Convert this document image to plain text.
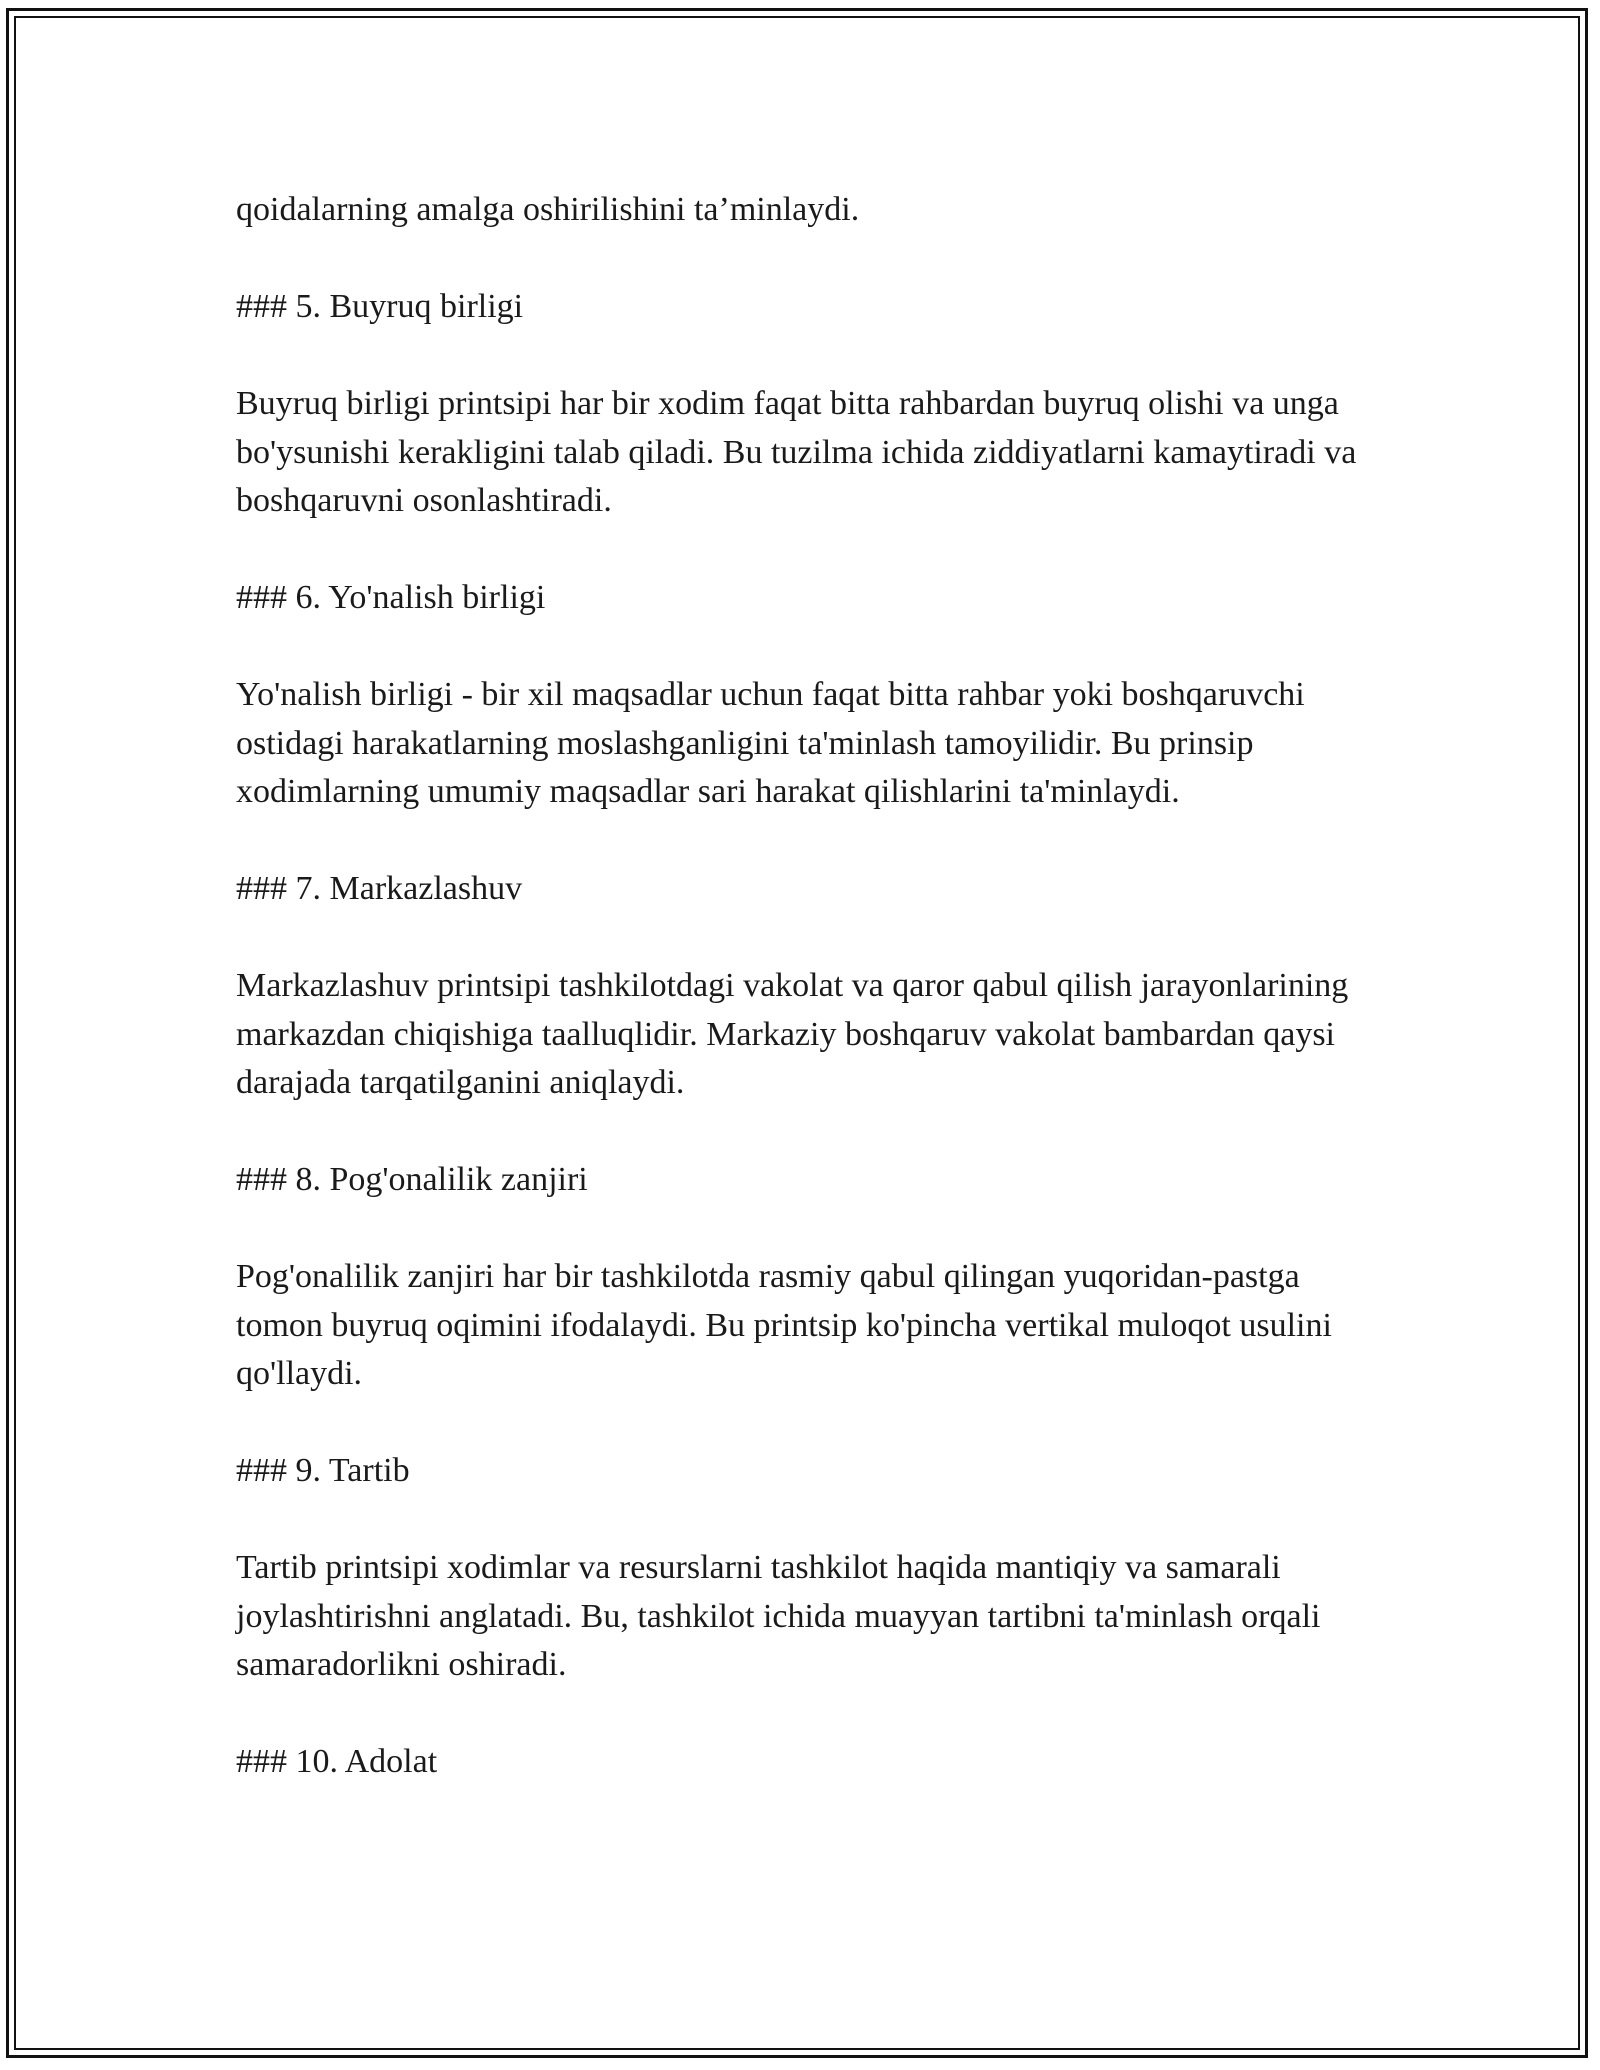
qoidalarning amalga oshirilishini ta’minlaydi.

### 5. Buyruq birligi

Buyruq birligi printsipi har bir xodim faqat bitta rahbardan buyruq olishi va unga bo'ysunishi kerakligini talab qiladi. Bu tuzilma ichida ziddiyatlarni kamaytiradi va boshqaruvni osonlashtiradi.

### 6. Yo'nalish birligi

Yo'nalish birligi - bir xil maqsadlar uchun faqat bitta rahbar yoki boshqaruvchi ostidagi harakatlarning moslashganligini ta'minlash tamoyilidir. Bu prinsip xodimlarning umumiy maqsadlar sari harakat qilishlarini ta'minlaydi.

### 7. Markazlashuv

Markazlashuv printsipi tashkilotdagi vakolat va qaror qabul qilish jarayonlarining markazdan chiqishiga taalluqlidir. Markaziy boshqaruv vakolat bambardan qaysi darajada tarqatilganini aniqlaydi.

### 8. Pog'onalilik zanjiri

Pog'onalilik zanjiri har bir tashkilotda rasmiy qabul qilingan yuqoridan-pastga tomon buyruq oqimini ifodalaydi. Bu printsip ko'pincha vertikal muloqot usulini qo'llaydi.

### 9. Tartib

Tartib printsipi xodimlar va resurslarni tashkilot haqida mantiqiy va samarali joylashtirishni anglatadi. Bu, tashkilot ichida muayyan tartibni ta'minlash orqali samaradorlikni oshiradi.

### 10. Adolat
